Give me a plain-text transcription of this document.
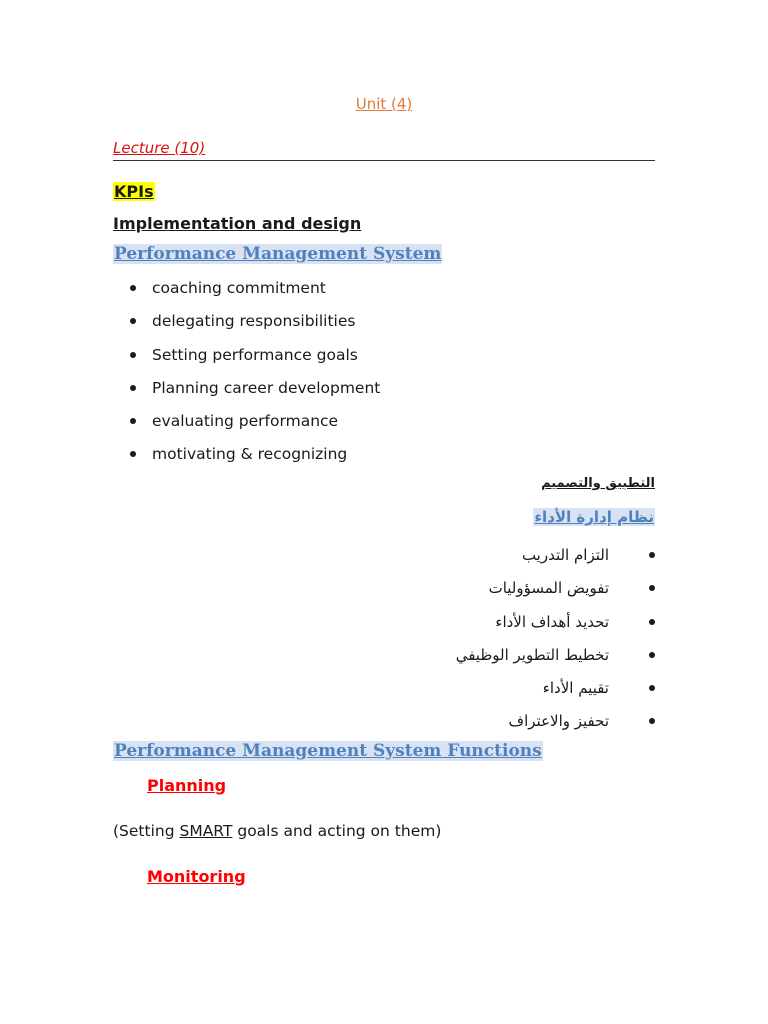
Unit (4)
Lecture (10)
KPIs
Implementation and design
Performance Management System
coaching commitment
delegating responsibilities
Setting performance goals
Planning career development
evaluating performance
motivating & recognizing
التطبيق والتصميم
نظام إدارة الأداء
التزام التدريب
تفويض المسؤوليات
تحديد أهداف الأداء
تخطيط التطوير الوظيفي
تقييم الأداء
تحفيز والاعتراف
Performance Management System Functions
Planning
(Setting SMART goals and acting on them)
Monitoring
